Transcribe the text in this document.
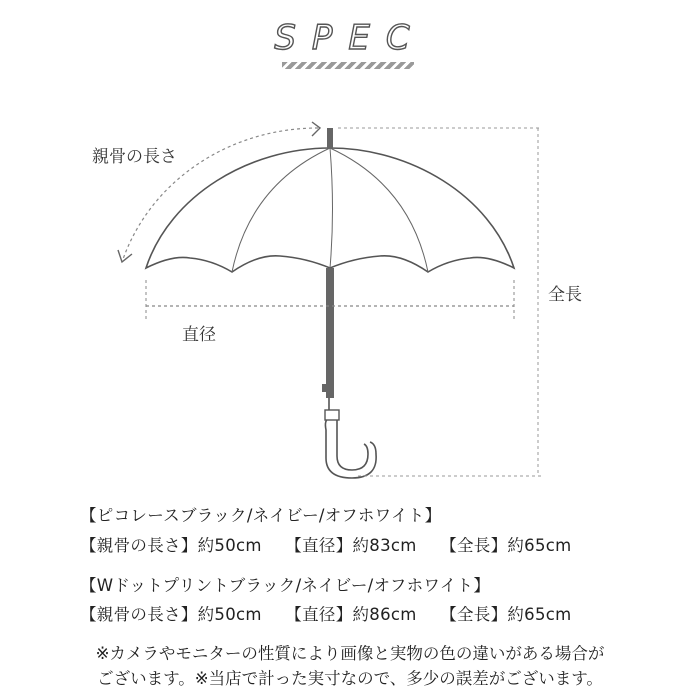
SPEC
親骨の長さ
直径
全長
【ピコレースブラック/ネイビー/オフホワイト】
【親骨の長さ】約50cm 【直径】約83cm 【全長】約65cm
【Wドットプリントブラック/ネイビー/オフホワイト】
【親骨の長さ】約50cm 【直径】約86cm 【全長】約65cm
※カメラやモニターの性質により画像と実物の色の違いがある場合が
ございます。※当店で計った実寸なので、多少の誤差がございます。
